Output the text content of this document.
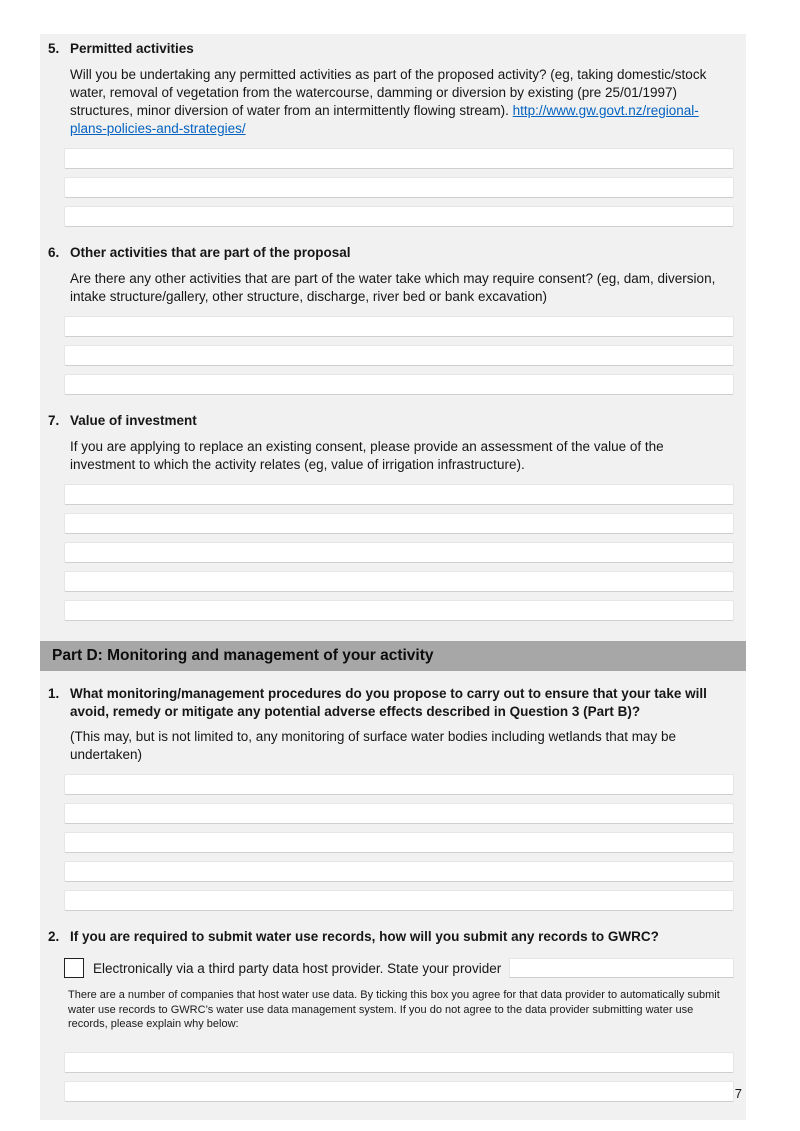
5. Permitted activities

Will you be undertaking any permitted activities as part of the proposed activity? (eg, taking domestic/stock water, removal of vegetation from the watercourse, damming or diversion by existing (pre 25/01/1997) structures, minor diversion of water from an intermittently flowing stream). http://www.gw.govt.nz/regional-plans-policies-and-strategies/

6. Other activities that are part of the proposal

Are there any other activities that are part of the water take which may require consent? (eg, dam, diversion, intake structure/gallery, other structure, discharge, river bed or bank excavation)

7. Value of investment

If you are applying to replace an existing consent, please provide an assessment of the value of the investment to which the activity relates (eg, value of irrigation infrastructure).

Part D: Monitoring and management of your activity
1. What monitoring/management procedures do you propose to carry out to ensure that your take will avoid, remedy or mitigate any potential adverse effects described in Question 3 (Part B)?

(This may, but is not limited to, any monitoring of surface water bodies including wetlands that may be undertaken)

2. If you are required to submit water use records, how will you submit any records to GWRC?
Electronically via a third party data host provider. State your provider

There are a number of companies that host water use data. By ticking this box you agree for that data provider to automatically submit water use records to GWRC’s water use data management system. If you do not agree to the data provider submitting water use records, please explain why below:

7
